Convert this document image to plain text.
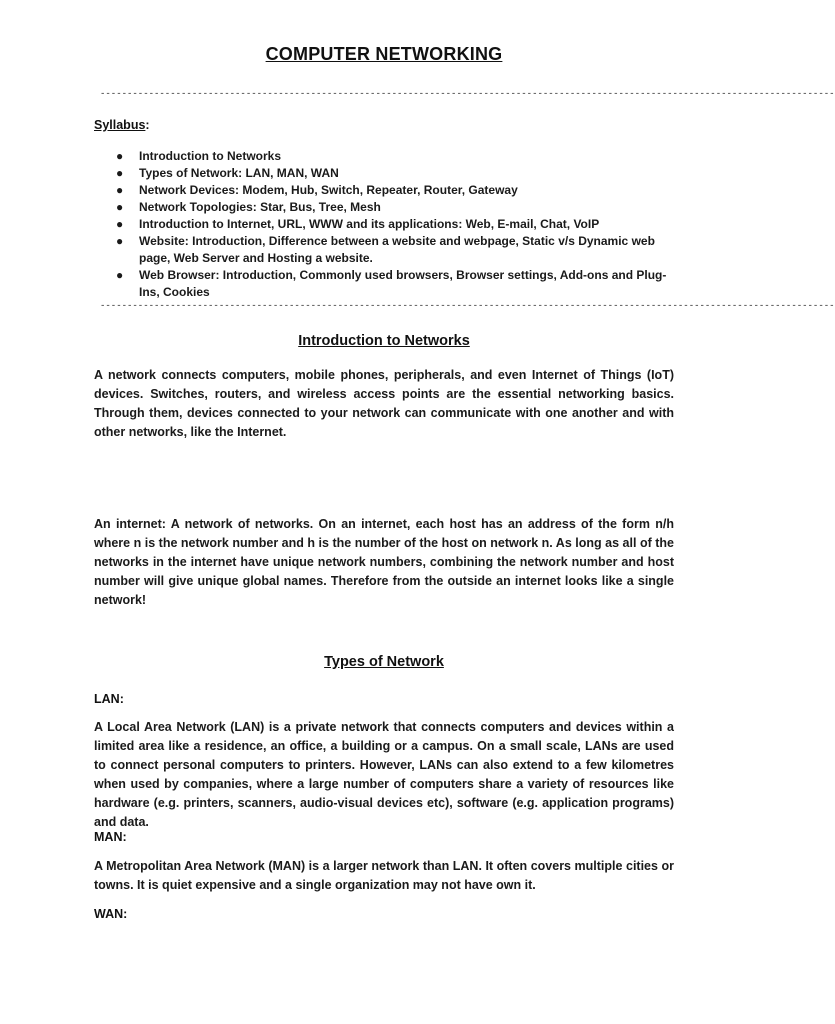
COMPUTER NETWORKING
----------------------------------------------------------------------------------------------------------------------------------------
Syllabus:
● Introduction to Networks
● Types of Network: LAN, MAN, WAN
● Network Devices: Modem, Hub, Switch, Repeater, Router, Gateway
● Network Topologies: Star, Bus, Tree, Mesh
● Introduction to Internet, URL, WWW and its applications: Web, E-mail, Chat, VoIP
● Website: Introduction, Difference between a website and webpage, Static v/s Dynamic web page, Web Server and Hosting a website.
● Web Browser: Introduction, Commonly used browsers, Browser settings, Add-ons and Plug-Ins, Cookies
----------------------------------------------------------------------------------------------------------------------------------------
Introduction to Networks

A network connects computers, mobile phones, peripherals, and even Internet of Things (IoT) devices. Switches, routers, and wireless access points are the essential networking basics. Through them, devices connected to your network can communicate with one another and with other networks, like the Internet.

An internet: A network of networks. On an internet, each host has an address of the form n/h where n is the network number and h is the number of the host on network n. As long as all of the networks in the internet have unique network numbers, combining the network number and host number will give unique global names. Therefore from the outside an internet looks like a single network!

Types of Network
LAN:

A Local Area Network (LAN) is a private network that connects computers and devices within a limited area like a residence, an office, a building or a campus. On a small scale, LANs are used to connect personal computers to printers. However, LANs can also extend to a few kilometres when used by companies, where a large number of computers share a variety of resources like hardware (e.g. printers, scanners, audio-visual devices etc), software (e.g. application programs) and data.

MAN:

A Metropolitan Area Network (MAN) is a larger network than LAN. It often covers multiple cities or towns. It is quiet expensive and a single organization may not have own it.

WAN:
